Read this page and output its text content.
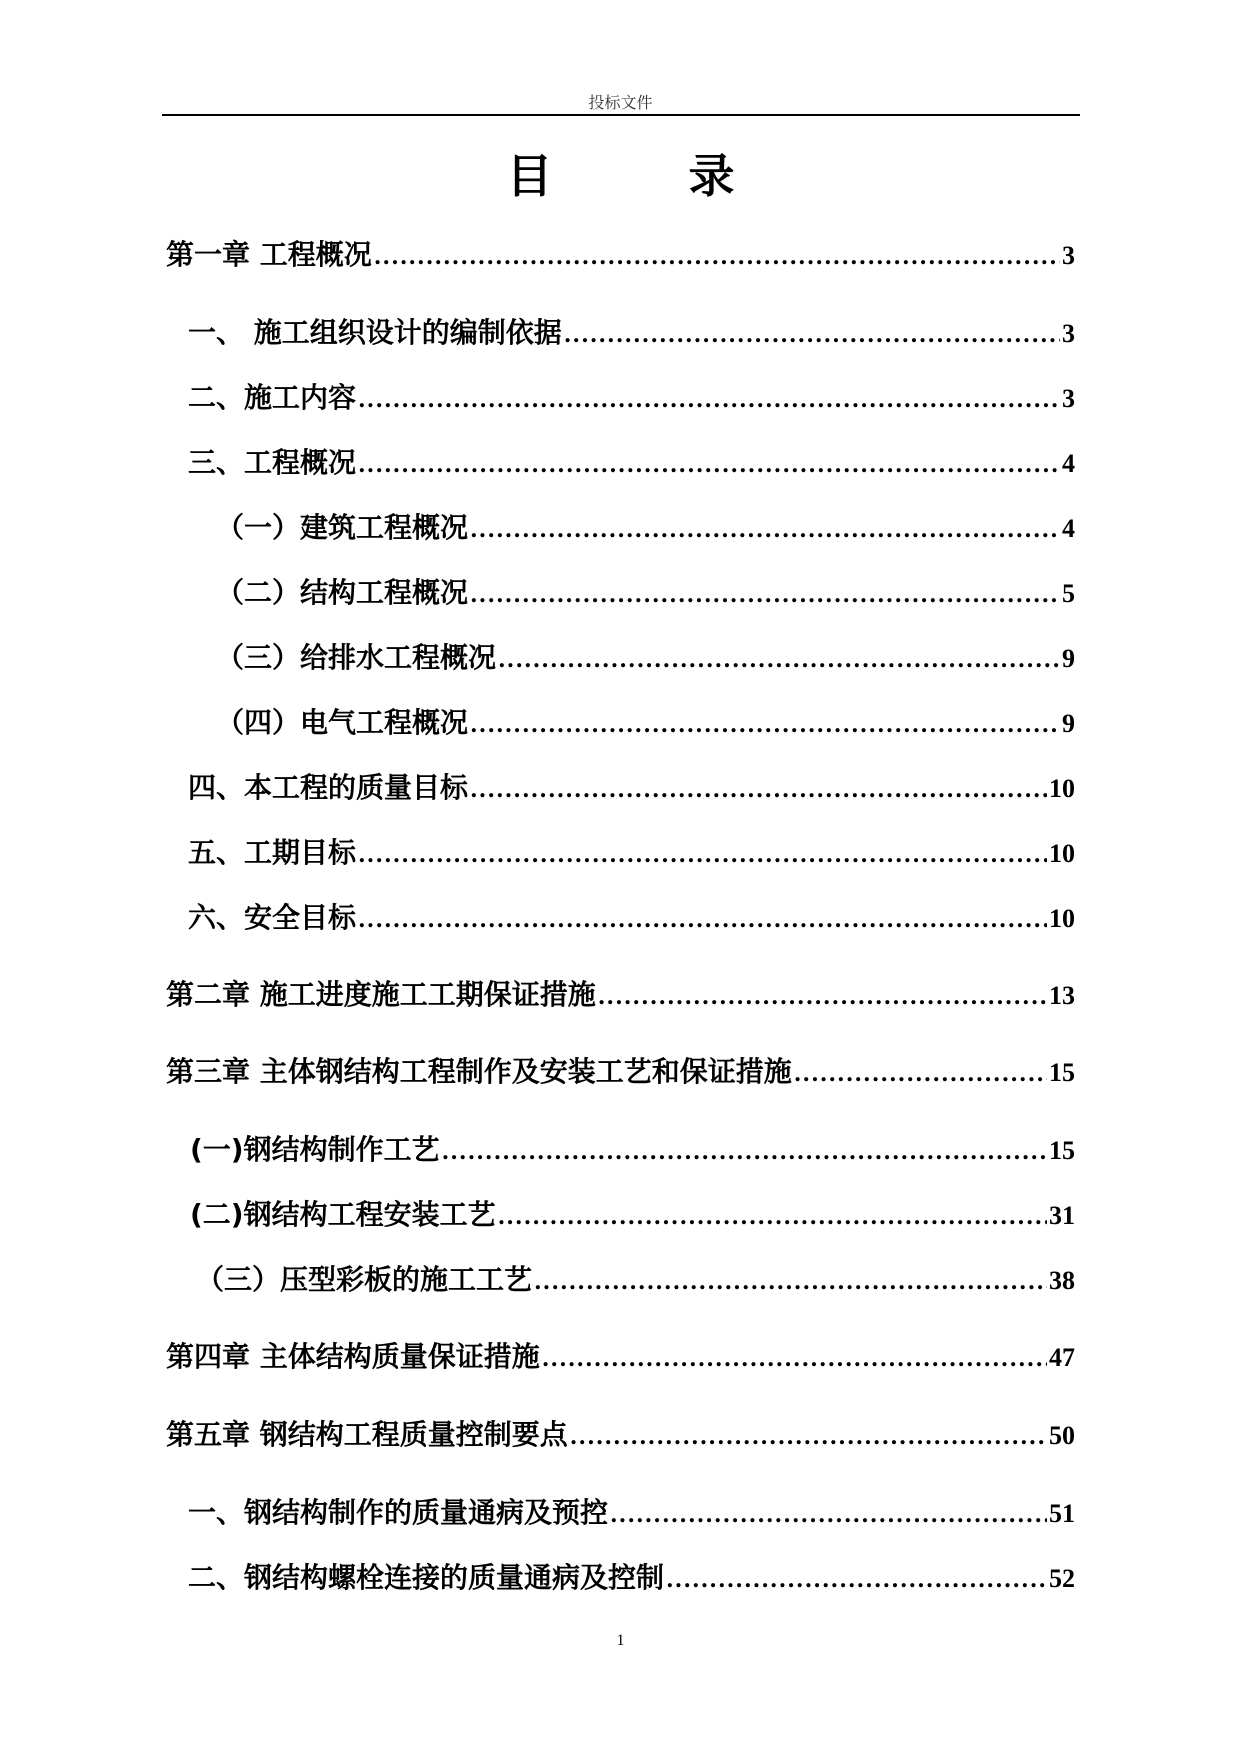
投标文件
目 录
第一章 工程概况 .....	3
一、 施工组织设计的编制依据 .....	3
二、施工内容 .....	3
三、工程概况 .....	4
（一）建筑工程概况 .....	4
（二）结构工程概况 .....	5
（三）给排水工程概况 .....	9
（四）电气工程概况 .....	9
四、本工程的质量目标 .....	10
五、工期目标 .....	10
六、安全目标 .....	10
第二章 施工进度施工工期保证措施 .....	13
第三章 主体钢结构工程制作及安装工艺和保证措施 .....	15
(一)钢结构制作工艺 .....	15
(二)钢结构工程安装工艺 .....	31
（三）压型彩板的施工工艺 .....	38
第四章 主体结构质量保证措施 .....	47
第五章 钢结构工程质量控制要点 .....	50
一、钢结构制作的质量通病及预控 .....	51
二、钢结构螺栓连接的质量通病及控制 .....	52
1
